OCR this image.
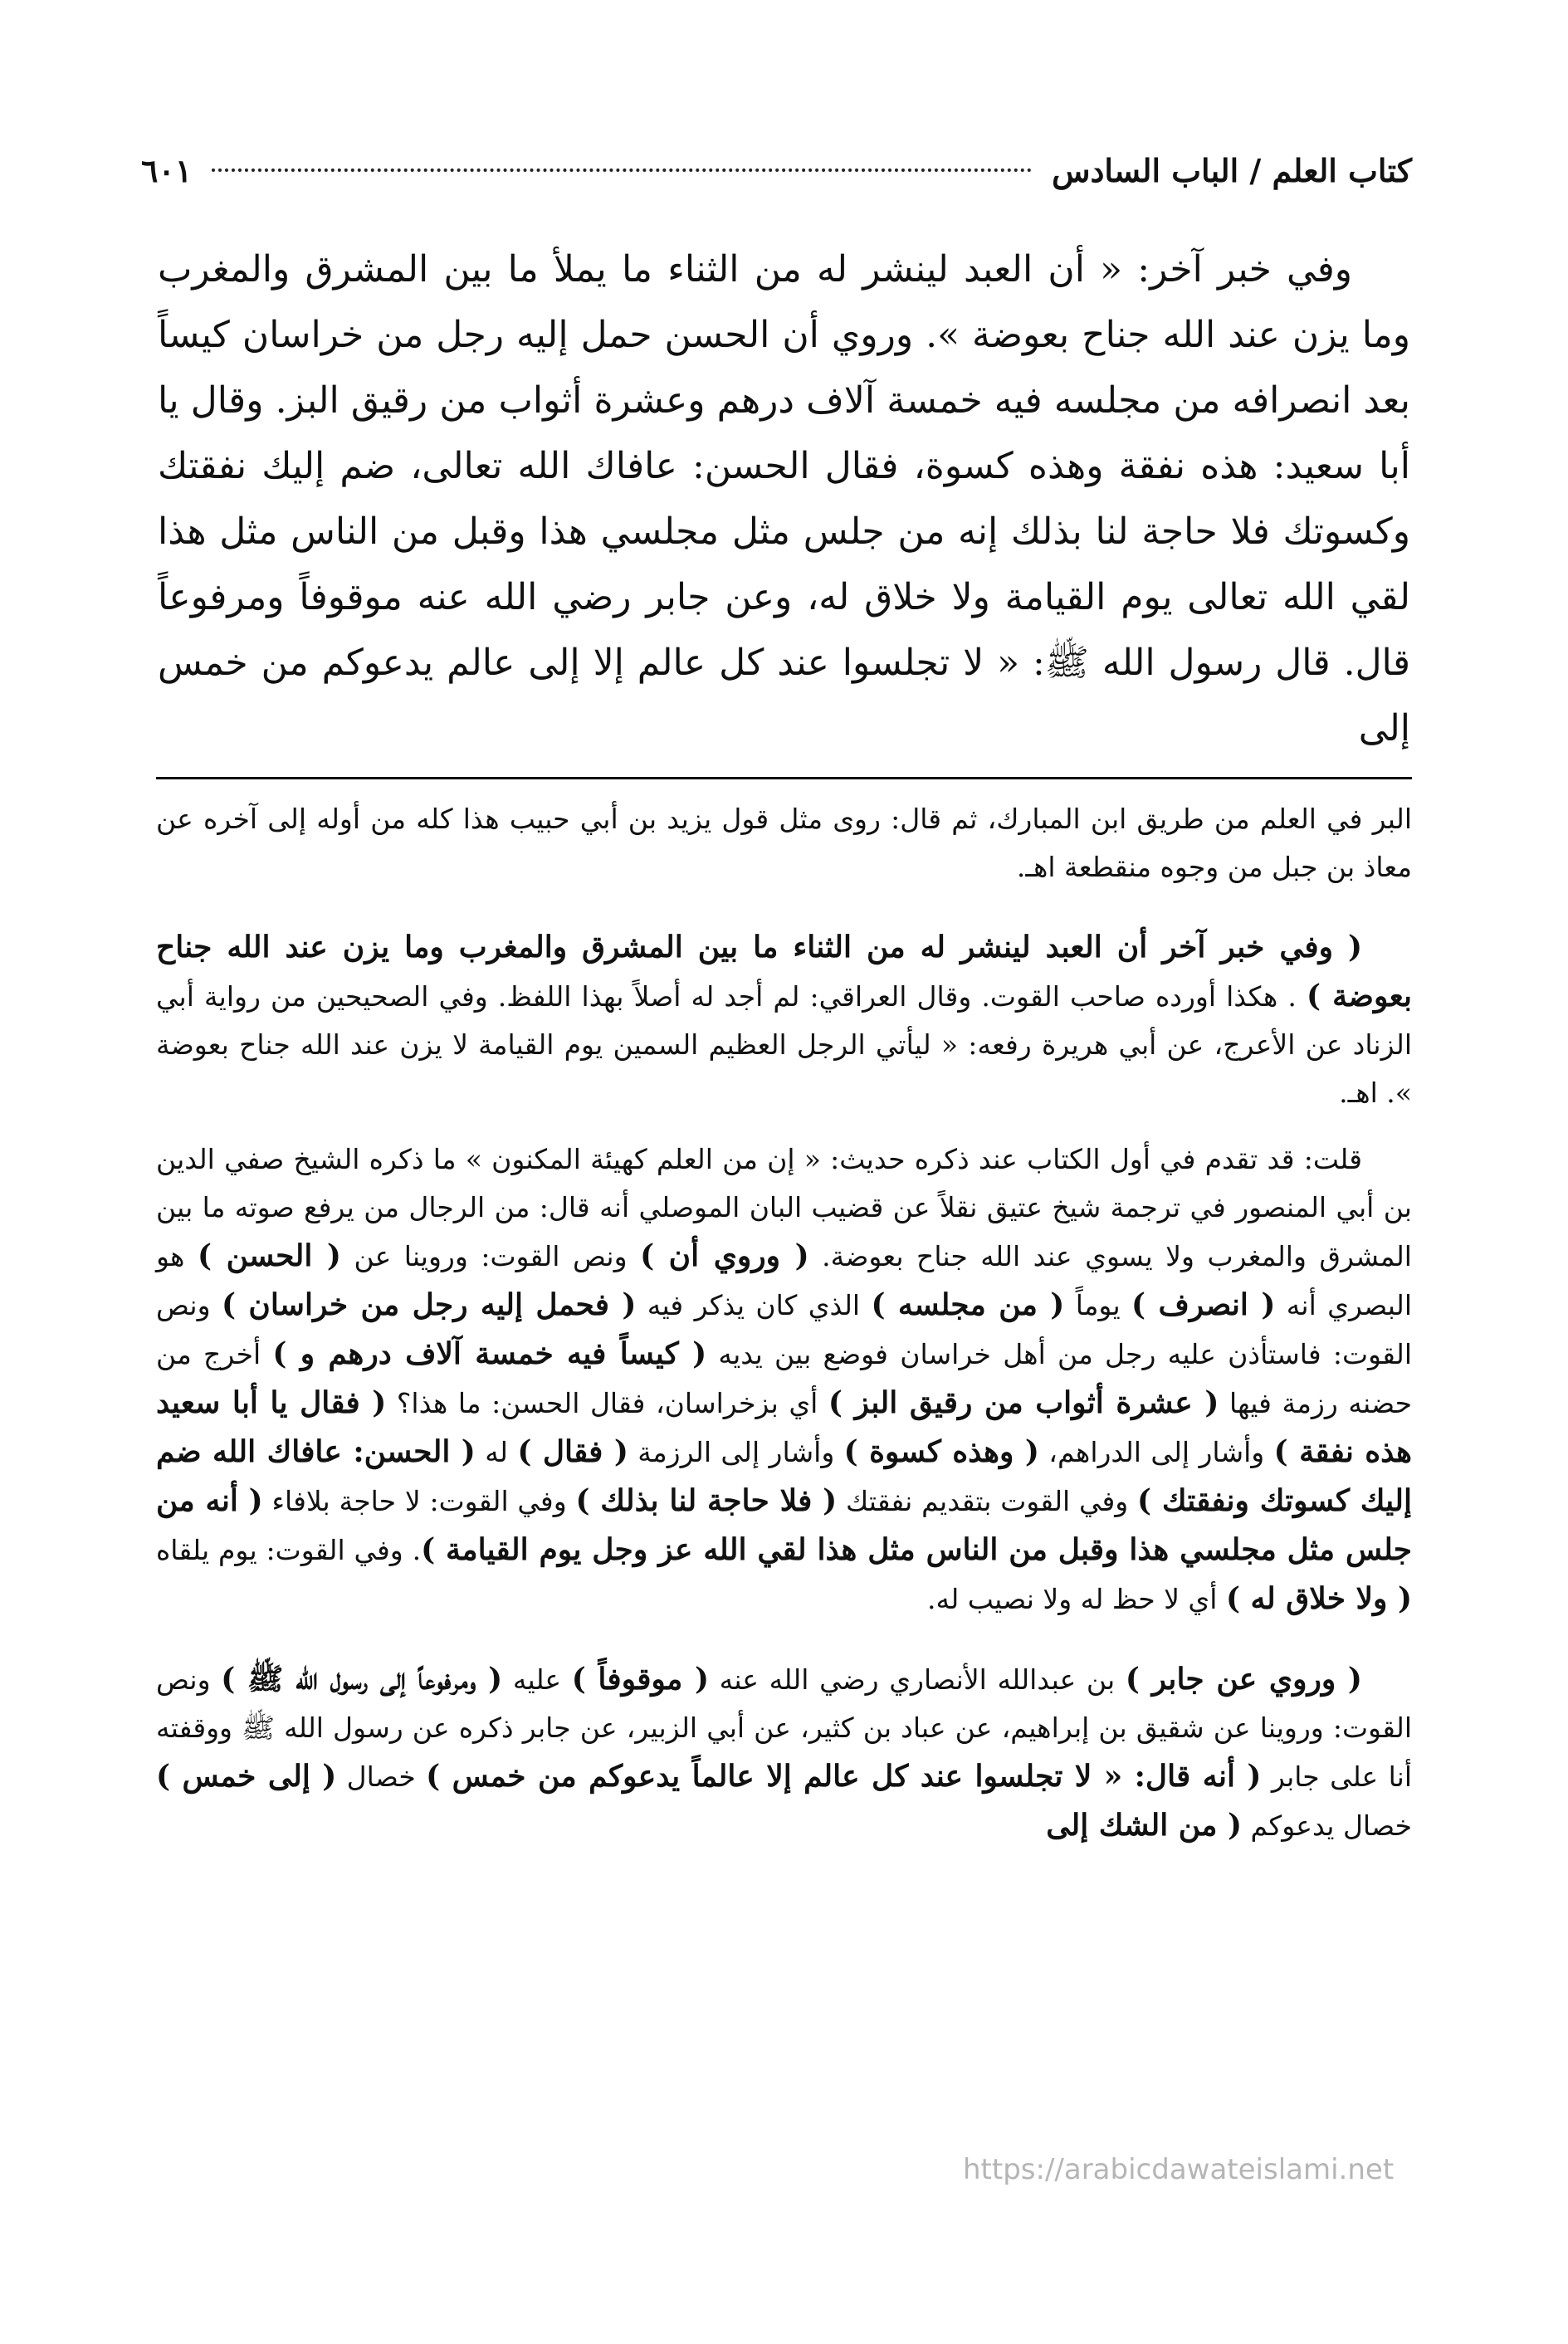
كتاب العلم / الباب السادس
٦٠١

وفي خبر آخر: « أن العبد لينشر له من الثناء ما يملأ ما بين المشرق والمغرب وما يزن عند الله جناح بعوضة ». وروي أن الحسن حمل إليه رجل من خراسان كيساً بعد انصرافه من مجلسه فيه خمسة آلاف درهم وعشرة أثواب من رقيق البز. وقال يا أبا سعيد: هذه نفقة وهذه كسوة، فقال الحسن: عافاك الله تعالى، ضم إليك نفقتك وكسوتك فلا حاجة لنا بذلك إنه من جلس مثل مجلسي هذا وقبل من الناس مثل هذا لقي الله تعالى يوم القيامة ولا خلاق له، وعن جابر رضي الله عنه موقوفاً ومرفوعاً قال. قال رسول الله ﷺ: « لا تجلسوا عند كل عالم إلا إلى عالم يدعوكم من خمس إلى

البر في العلم من طريق ابن المبارك، ثم قال: روى مثل قول يزيد بن أبي حبيب هذا كله من أوله إلى آخره عن معاذ بن جبل من وجوه منقطعة اهـ.

( وفي خبر آخر أن العبد لينشر له من الثناء ما بين المشرق والمغرب وما يزن عند الله جناح بعوضة ) . هكذا أورده صاحب القوت. وقال العراقي: لم أجد له أصلاً بهذا اللفظ. وفي الصحيحين من رواية أبي الزناد عن الأعرج، عن أبي هريرة رفعه: « ليأتي الرجل العظيم السمين يوم القيامة لا يزن عند الله جناح بعوضة ». اهـ.

قلت: قد تقدم في أول الكتاب عند ذكره حديث: « إن من العلم كهيئة المكنون » ما ذكره الشيخ صفي الدين بن أبي المنصور في ترجمة شيخ عتيق نقلاً عن قضيب البان الموصلي أنه قال: من الرجال من يرفع صوته ما بين المشرق والمغرب ولا يسوي عند الله جناح بعوضة. ( وروي أن ) ونص القوت: وروينا عن ( الحسن ) هو البصري أنه ( انصرف ) يوماً ( من مجلسه ) الذي كان يذكر فيه ( فحمل إليه رجل من خراسان ) ونص القوت: فاستأذن عليه رجل من أهل خراسان فوضع بين يديه ( كيساً فيه خمسة آلاف درهم و ) أخرج من حضنه رزمة فيها ( عشرة أثواب من رقيق البز ) أي بزخراسان، فقال الحسن: ما هذا؟ ( فقال يا أبا سعيد هذه نفقة ) وأشار إلى الدراهم، ( وهذه كسوة ) وأشار إلى الرزمة ( فقال ) له ( الحسن: عافاك الله ضم إليك كسوتك ونفقتك ) وفي القوت بتقديم نفقتك ( فلا حاجة لنا بذلك ) وفي القوت: لا حاجة بلافاء ( أنه من جلس مثل مجلسي هذا وقبل من الناس مثل هذا لقي الله عز وجل يوم القيامة ). وفي القوت: يوم يلقاه ( ولا خلاق له ) أي لا حظ له ولا نصيب له.

( وروي عن جابر ) بن عبدالله الأنصاري رضي الله عنه ( موقوفاً ) عليه ( ومرفوعاً إلى رسول الله ﷺ ) ونص القوت: وروينا عن شقيق بن إبراهيم، عن عباد بن كثير، عن أبي الزبير، عن جابر ذكره عن رسول الله ﷺ ووقفته أنا على جابر ( أنه قال: « لا تجلسوا عند كل عالم إلا عالماً يدعوكم من خمس ) خصال ( إلى خمس ) خصال يدعوكم ( من الشك إلى

https://arabicdawateislami.net
